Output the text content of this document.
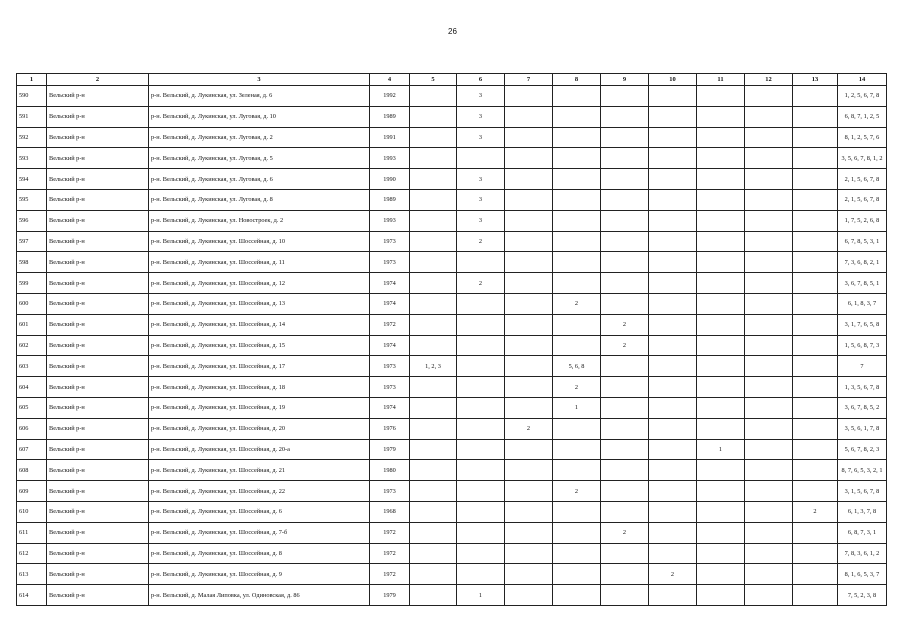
26
1	2	3	4	5	6	7	8	9	10	11	12	13	14
590	Вельский р-н	р-н. Вельский, д. Лукинская, ул. Зеленая, д. 6	1992		3								1, 2, 5, 6, 7, 8
591	Вельский р-н	р-н. Вельский, д. Лукинская, ул. Луговая, д. 10	1989		3								6, 8, 7, 1, 2, 5
592	Вельский р-н	р-н. Вельский, д. Лукинская, ул. Луговая, д. 2	1991		3								8, 1, 2, 5, 7, 6
593	Вельский р-н	р-н. Вельский, д. Лукинская, ул. Луговая, д. 5	1993										3, 5, 6, 7, 8, 1, 2
594	Вельский р-н	р-н. Вельский, д. Лукинская, ул. Луговая, д. 6	1990		3								2, 1, 5, 6, 7, 8
595	Вельский р-н	р-н. Вельский, д. Лукинская, ул. Луговая, д. 8	1989		3								2, 1, 5, 6, 7, 8
596	Вельский р-н	р-н. Вельский, д. Лукинская, ул. Новостроек, д. 2	1993		3								1, 7, 5, 2, 6, 8
597	Вельский р-н	р-н. Вельский, д. Лукинская, ул. Шоссейная, д. 10	1973		2								6, 7, 8, 5, 3, 1
598	Вельский р-н	р-н. Вельский, д. Лукинская, ул. Шоссейная, д. 11	1973										7, 3, 6, 8, 2, 1
599	Вельский р-н	р-н. Вельский, д. Лукинская, ул. Шоссейная, д. 12	1974		2								3, 6, 7, 8, 5, 1
600	Вельский р-н	р-н. Вельский, д. Лукинская, ул. Шоссейная, д. 13	1974				2						6, 1, 8, 3, 7
601	Вельский р-н	р-н. Вельский, д. Лукинская, ул. Шоссейная, д. 14	1972					2					3, 1, 7, 6, 5, 8
602	Вельский р-н	р-н. Вельский, д. Лукинская, ул. Шоссейная, д. 15	1974					2					1, 5, 6, 8, 7, 3
603	Вельский р-н	р-н. Вельский, д. Лукинская, ул. Шоссейная, д. 17	1973	1, 2, 3			5, 6, 8						7
604	Вельский р-н	р-н. Вельский, д. Лукинская, ул. Шоссейная, д. 18	1973				2						1, 3, 5, 6, 7, 8
605	Вельский р-н	р-н. Вельский, д. Лукинская, ул. Шоссейная, д. 19	1974				1						3, 6, 7, 8, 5, 2
606	Вельский р-н	р-н. Вельский, д. Лукинская, ул. Шоссейная, д. 20	1976			2							3, 5, 6, 1, 7, 8
607	Вельский р-н	р-н. Вельский, д. Лукинская, ул. Шоссейная, д. 20-а	1979							1			5, 6, 7, 8, 2, 3
608	Вельский р-н	р-н. Вельский, д. Лукинская, ул. Шоссейная, д. 21	1980										8, 7, 6, 5, 3, 2, 1
609	Вельский р-н	р-н. Вельский, д. Лукинская, ул. Шоссейная, д. 22	1973				2						3, 1, 5, 6, 7, 8
610	Вельский р-н	р-н. Вельский, д. Лукинская, ул. Шоссейная, д. 6	1968									2	6, 1, 3, 7, 8
611	Вельский р-н	р-н. Вельский, д. Лукинская, ул. Шоссейная, д. 7-б	1972					2					6, 8, 7, 3, 1
612	Вельский р-н	р-н. Вельский, д. Лукинская, ул. Шоссейная, д. 8	1972										7, 8, 3, 6, 1, 2
613	Вельский р-н	р-н. Вельский, д. Лукинская, ул. Шоссейная, д. 9	1972						2				8, 1, 6, 5, 3, 7
614	Вельский р-н	р-н. Вельский, д. Малая Липовка, ул. Одиновская, д. 86	1979		1								7, 5, 2, 3, 8
